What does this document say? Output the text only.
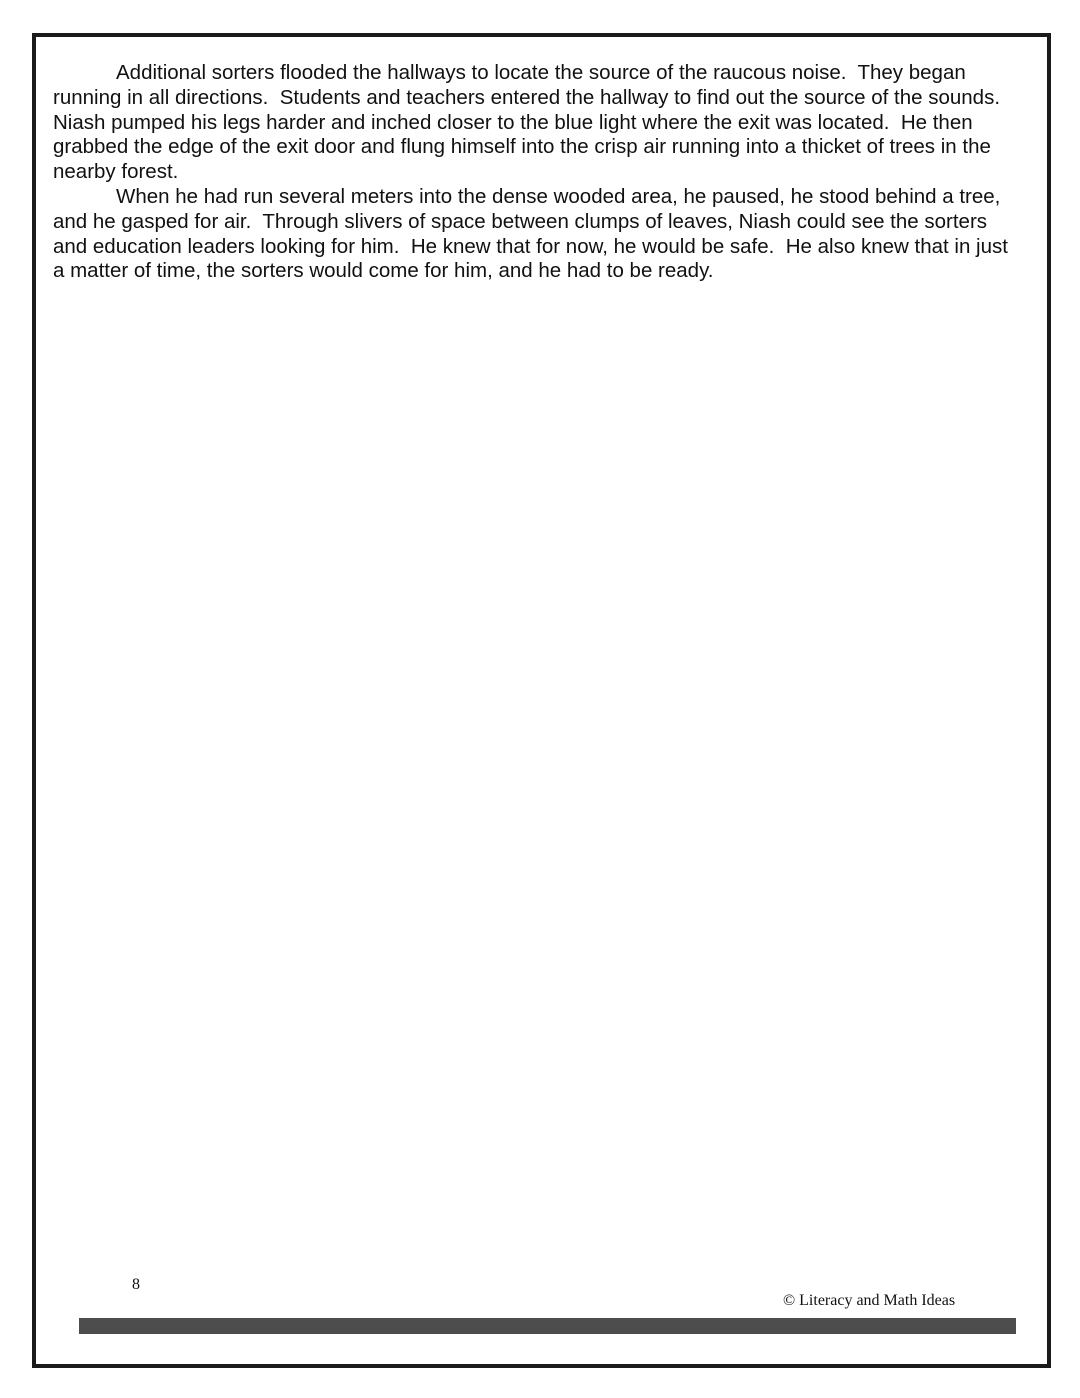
Additional sorters flooded the hallways to locate the source of the raucous noise.  They began running in all directions.  Students and teachers entered the hallway to find out the source of the sounds.  Niash pumped his legs harder and inched closer to the blue light where the exit was located.  He then grabbed the edge of the exit door and flung himself into the crisp air running into a thicket of trees in the nearby forest.

When he had run several meters into the dense wooded area, he paused, he stood behind a tree, and he gasped for air.  Through slivers of space between clumps of leaves, Niash could see the sorters and education leaders looking for him.  He knew that for now, he would be safe.  He also knew that in just a matter of time, the sorters would come for him, and he had to be ready.

8
© Literacy and Math Ideas
